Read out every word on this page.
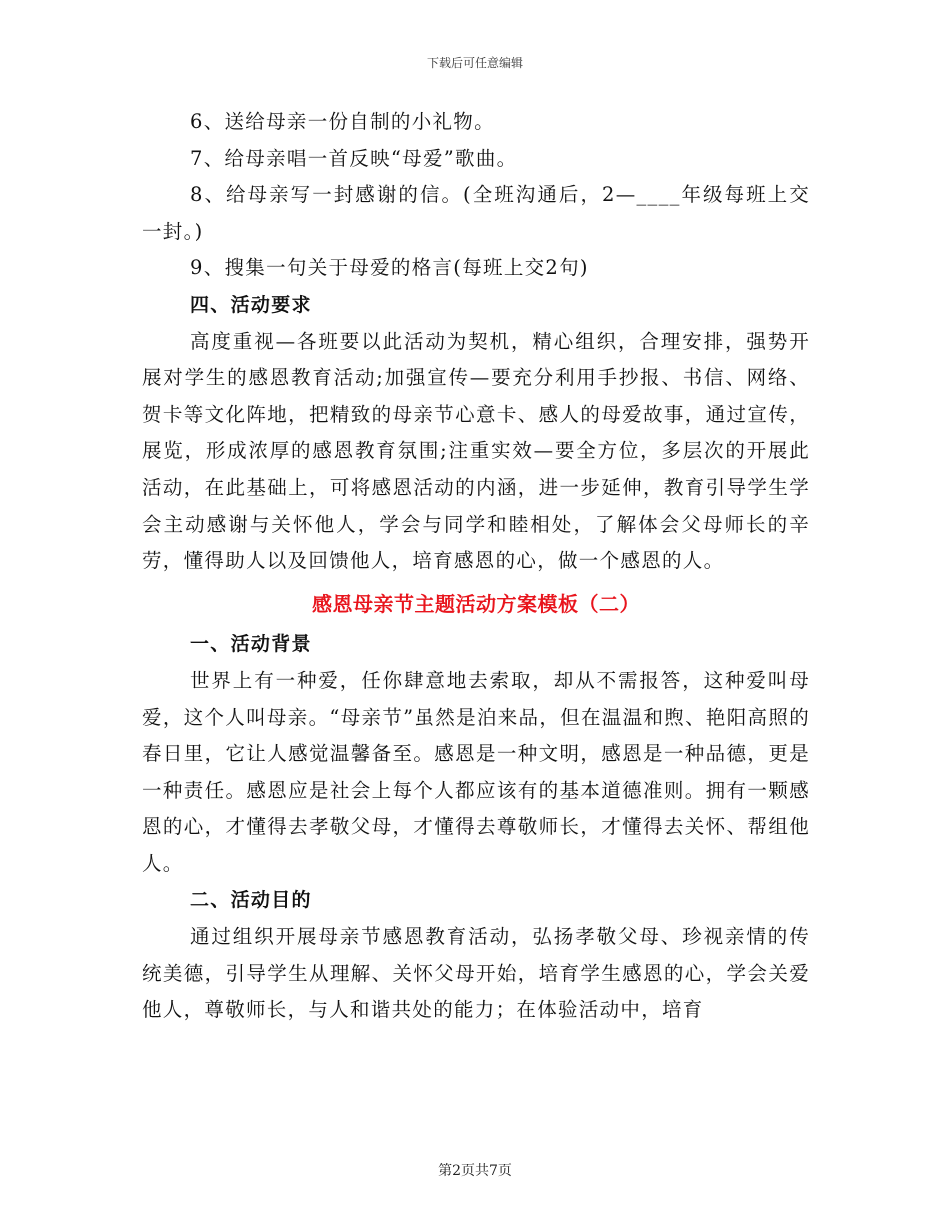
下载后可任意编辑

6、送给母亲一份自制的小礼物。

7、给母亲唱一首反映“母爱”歌曲。

8、给母亲写一封感谢的信。(全班沟通后，2—____年级每班上交一封。)

9、搜集一句关于母爱的格言(每班上交2句)

四、活动要求

高度重视—各班要以此活动为契机，精心组织，合理安排，强势开展对学生的感恩教育活动;加强宣传—要充分利用手抄报、书信、网络、贺卡等文化阵地，把精致的母亲节心意卡、感人的母爱故事，通过宣传，展览，形成浓厚的感恩教育氛围;注重实效—要全方位，多层次的开展此活动，在此基础上，可将感恩活动的内涵，进一步延伸，教育引导学生学会主动感谢与关怀他人，学会与同学和睦相处，了解体会父母师长的辛劳，懂得助人以及回馈他人，培育感恩的心，做一个感恩的人。

感恩母亲节主题活动方案模板（二）

一、活动背景

世界上有一种爱，任你肆意地去索取，却从不需报答，这种爱叫母爱，这个人叫母亲。“母亲节”虽然是泊来品，但在温温和煦、艳阳高照的春日里，它让人感觉温馨备至。感恩是一种文明，感恩是一种品德，更是一种责任。感恩应是社会上每个人都应该有的基本道德准则。拥有一颗感恩的心，才懂得去孝敬父母，才懂得去尊敬师长，才懂得去关怀、帮组他人。

二、活动目的

通过组织开展母亲节感恩教育活动，弘扬孝敬父母、珍视亲情的传统美德，引导学生从理解、关怀父母开始，培育学生感恩的心，学会关爱他人，尊敬师长，与人和谐共处的能力；在体验活动中，培育

第2页共7页
